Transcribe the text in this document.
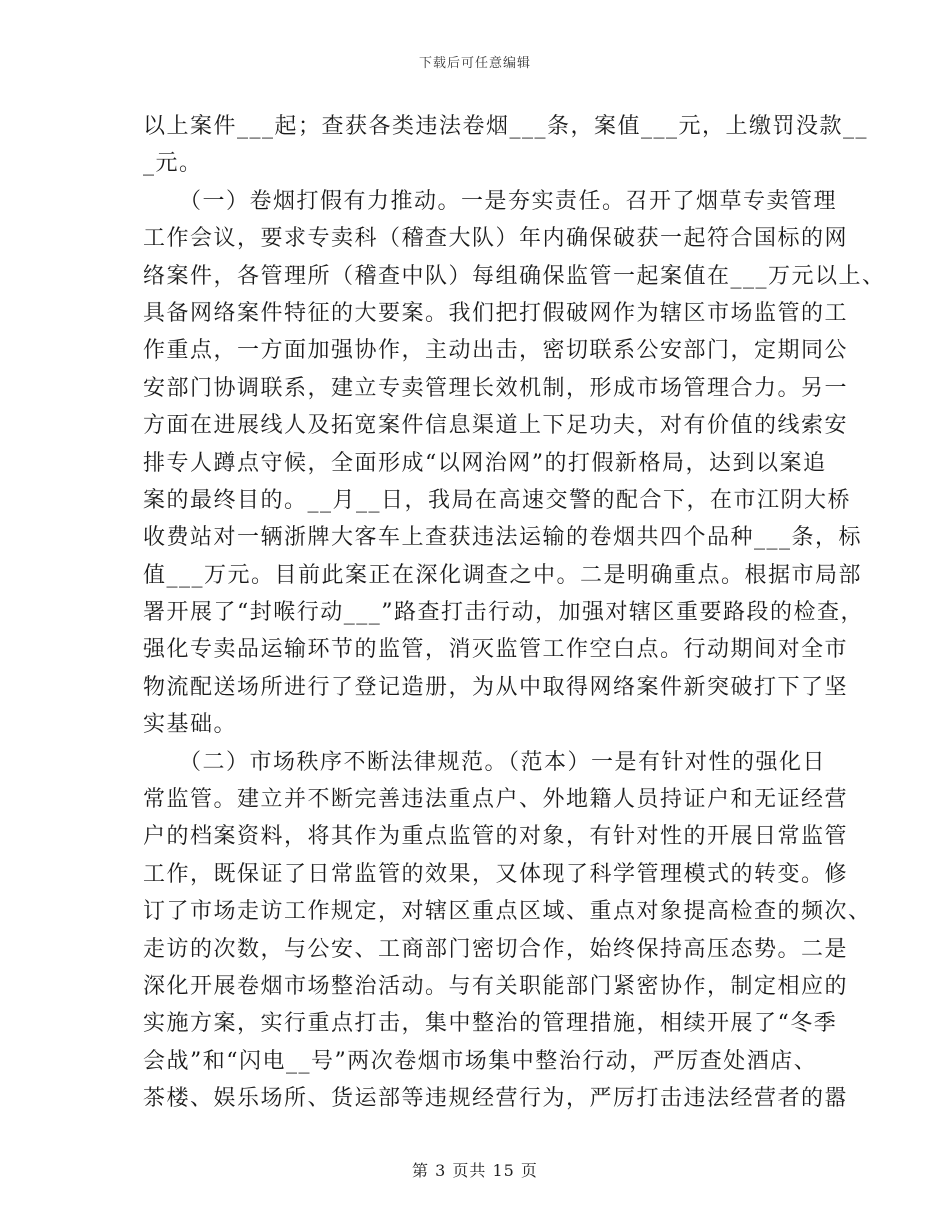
下载后可任意编辑
以上案件___起；查获各类违法卷烟___条，案值___元，上缴罚没款__
_元。
　　（一）卷烟打假有力推动。一是夯实责任。召开了烟草专卖管理
工作会议，要求专卖科（稽查大队）年内确保破获一起符合国标的网
络案件，各管理所（稽查中队）每组确保监管一起案值在___万元以上、
具备网络案件特征的大要案。我们把打假破网作为辖区市场监管的工
作重点，一方面加强协作，主动出击，密切联系公安部门，定期同公
安部门协调联系，建立专卖管理长效机制，形成市场管理合力。另一
方面在进展线人及拓宽案件信息渠道上下足功夫，对有价值的线索安
排专人蹲点守候，全面形成“以网治网”的打假新格局，达到以案追
案的最终目的。__月__日，我局在高速交警的配合下，在市江阴大桥
收费站对一辆浙牌大客车上查获违法运输的卷烟共四个品种___条，标
值___万元。目前此案正在深化调查之中。二是明确重点。根据市局部
署开展了“封喉行动___”路查打击行动，加强对辖区重要路段的检查，
强化专卖品运输环节的监管，消灭监管工作空白点。行动期间对全市
物流配送场所进行了登记造册，为从中取得网络案件新突破打下了坚
实基础。
　　（二）市场秩序不断法律规范。（范本）一是有针对性的强化日
常监管。建立并不断完善违法重点户、外地籍人员持证户和无证经营
户的档案资料，将其作为重点监管的对象，有针对性的开展日常监管
工作，既保证了日常监管的效果，又体现了科学管理模式的转变。修
订了市场走访工作规定，对辖区重点区域、重点对象提高检查的频次、
走访的次数，与公安、工商部门密切合作，始终保持高压态势。二是
深化开展卷烟市场整治活动。与有关职能部门紧密协作，制定相应的
实施方案，实行重点打击，集中整治的管理措施，相续开展了“冬季
会战”和“闪电__号”两次卷烟市场集中整治行动，严厉查处酒店、
茶楼、娱乐场所、货运部等违规经营行为，严厉打击违法经营者的嚣
第 3 页共 15 页
